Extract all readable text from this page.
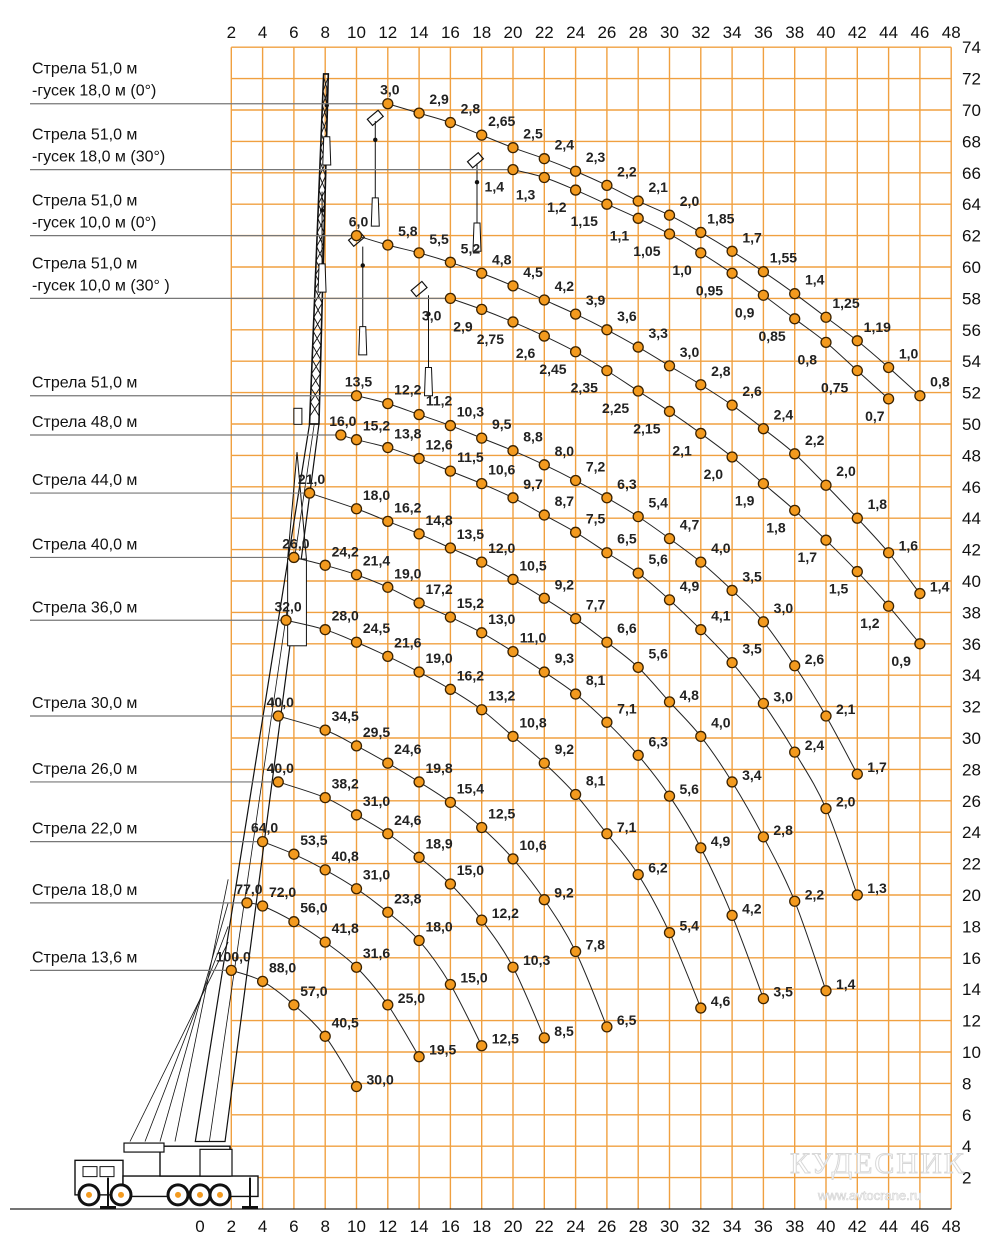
Стрела 51,0 м
-гусек 18,0 м (0°)
Стрела 51,0 м
-гусек 18,0 м (30°)
Стрела 51,0 м
-гусек 10,0 м (0°)
Стрела 51,0 м
-гусек 10,0 м (30° )
Стрела 51,0 м
Стрела 48,0 м
Стрела 44,0 м
Стрела 40,0 м
Стрела 36,0 м
Стрела 30,0 м
Стрела 26,0 м
Стрела 22,0 м
Стрела 18,0 м
Стрела 13,6 м
3,0
2,9
2,8
2,65
2,5
2,4
2,3
2,2
2,1
2,0
1,85
1,7
1,55
1,4
1,25
1,19
1,0
0,8
1,4 1,3
1,2
1,15
1,1
1,05
1,0
0,95
0,9
0,85
0,8
0,75
0,7
6,0
5,8 5,5
5,2
4,8
4,5
4,2
3,9
3,6
3,3
3,0
2,8
2,6
2,4
2,2
2,0
1,8
1,6
1,4
3,0
2,9
2,75
2,6
2,45
2,35
2,25
2,15
2,1
2,0
1,9
1,8
1,7
1,5
1,2
0,9
13,5 12,2
11,2
10,3
9,5
8,8
8,0
7,2
6,3
5,4
4,7
4,0
3,5
3,0
2,6
2,1
1,7
16,0 15,2 13,8
12,6
11,5
10,6
9,7
8,7
7,5
6,5
5,6
4,9
4,1
3,5
3,0
2,4
2,0
1,3
21,0
18,0
16,2
14,8
13,5
12,0
10,5
9,2
7,7
6,6
5,6
4,8
4,0
3,4
2,8
2,2
1,4
26,0 24,2
21,4
19,0
17,2
15,2
13,0
11,0
9,3
8,1
7,1
6,3
5,6
4,9
4,2
3,5
32,0
28,0
24,5
21,6
19,0
16,2
13,2
10,8
9,2
8,1
7,1
6,2
5,4
4,6
40,0
34,5
29,5
24,6
19,8
15,4
12,5
10,6
9,2
7,8
6,5
40,0
38,2
31,0
24,6
18,9
15,0
12,2
10,3
8,5
64,0
53,5
40,8
31,0
23,8
18,0
15,0
12,5
77,0 72,0
56,0
41,8
31,6
25,0
19,5
100,0
88,0
57,0
40,5
30,0
2 4 6 8 10 12 14 16 18 20 22 24 26 28 30 32 34 36 38 40 42 44 46 48
0 2 4 6 8 10 12 14 16 18 20 22 24 26 28 30 32 34 36 38 40 42 44 46 48
2
4
6
8
10
12
14
16
18
20
22
24
26
28
30
32
34
36
38
40
42
44
46
48
50
52
54
56
58
60
62
64
66
68
70
72
74
КУДЕСНИК
www.avtocrane.ru
